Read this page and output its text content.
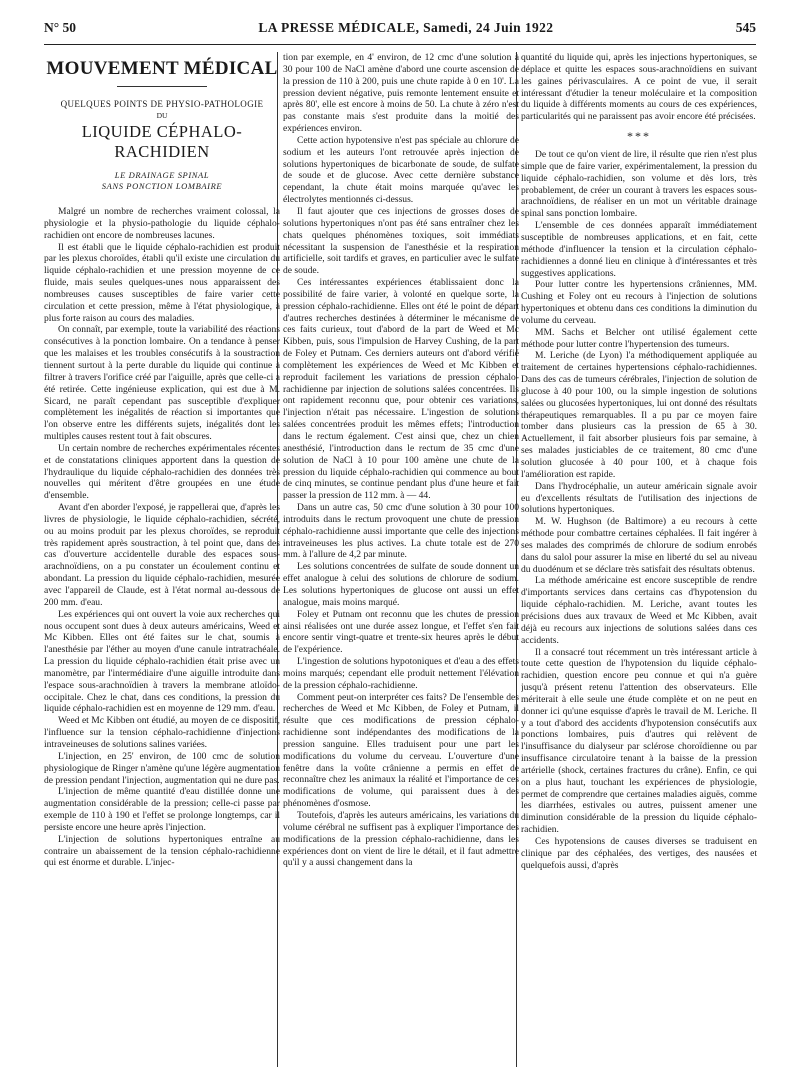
N° 50	LA PRESSE MÉDICALE, Samedi, 24 Juin 1922	545
MOUVEMENT MÉDICAL
QUELQUES POINTS DE PHYSIO-PATHOLOGIE
DU
LIQUIDE CÉPHALO-RACHIDIEN
LE DRAINAGE SPINAL
SANS PONCTION LOMBAIRE

Malgré un nombre de recherches vraiment colossal, la physiologie et la physio-pathologie du liquide céphalo-rachidien ont encore de nombreuses lacunes.

Il est établi que le liquide céphalo-rachidien est produit par les plexus choroïdes, établi qu'il existe une circulation du liquide céphalo-rachidien et une pression moyenne de ce fluide, mais seules quelques-unes nous apparaissent des nombreuses causes susceptibles de faire varier cette circulation et cette pression, même à l'état physiologique, à plus forte raison au cours des maladies.

On connaît, par exemple, toute la variabilité des réactions consécutives à la ponction lombaire. On a tendance à penser que les malaises et les troubles consécutifs à la soustraction tiennent surtout à la perte durable du liquide qui continue à filtrer à travers l'orifice créé par l'aiguille, après que celle-ci a été retirée. Cette ingénieuse explication, qui est due à M. Sicard, ne paraît cependant pas susceptible d'expliquer complètement les inégalités de réaction si importantes que l'on observe entre les différents sujets, inégalités dont les multiples causes restent tout à fait obscures.

Un certain nombre de recherches expérimentales récentes et de constatations cliniques apportent dans la question de l'hydraulique du liquide céphalo-rachidien des données très nouvelles qui méritent d'être groupées en une étude d'ensemble.

Avant d'en aborder l'exposé, je rappellerai que, d'après les livres de physiologie, le liquide céphalo-rachidien, sécrété, ou au moins produit par les plexus choroïdes, se reproduit très rapidement après soustraction, à tel point que, dans des cas d'ouverture accidentelle durable des espaces sous-arachnoïdiens, on a pu constater un écoulement continu et abondant. La pression du liquide céphalo-rachidien, mesurée avec l'appareil de Claude, est à l'état normal au-dessous de 200 mm. d'eau.

Les expériences qui ont ouvert la voie aux recherches qui nous occupent sont dues à deux auteurs américains, Weed et Mc Kibben. Elles ont été faites sur le chat, soumis à l'anesthésie par l'éther au moyen d'une canule intratrachéale. La pression du liquide céphalo-rachidien était prise avec un manomètre, par l'intermédiaire d'une aiguille introduite dans l'espace sous-arachnoïdien à travers la membrane atloïdo-occipitale. Chez le chat, dans ces conditions, la pression du liquide céphalo-rachidien est en moyenne de 129 mm. d'eau.

Weed et Mc Kibben ont étudié, au moyen de ce dispositif, l'influence sur la tension céphalo-rachidienne d'injections intraveineuses de solutions salines variées.

L'injection, en 25' environ, de 100 cmc de solution physiologique de Ringer n'amène qu'une légère augmentation de pression pendant l'injection, augmentation qui ne dure pas.

L'injection de même quantité d'eau distillée donne une augmentation considérable de la pression; celle-ci passe par exemple de 110 à 190 et l'effet se prolonge longtemps, car il persiste encore une heure après l'injection.

L'injection de solutions hypertoniques entraîne au contraire un abaissement de la tension céphalo-rachidienne qui est énorme et durable. L'injec-

tion par exemple, en 4' environ, de 12 cmc d'une solution à 30 pour 100 de NaCl amène d'abord une courte ascension de la pression de 110 à 200, puis une chute rapide à 0 en 10'. La pression devient négative, puis remonte lentement ensuite et après 80', elle est encore à moins de 50. La chute à zéro n'est pas constante mais s'est produite dans la moitié des expériences environ.

Cette action hypotensive n'est pas spéciale au chlorure de sodium et les auteurs l'ont retrouvée après injection de solutions hypertoniques de bicarbonate de soude, de sulfate de soude et de glucose. Avec cette dernière substance cependant, la chute était moins marquée qu'avec les électrolytes mentionnés ci-dessus.

Il faut ajouter que ces injections de grosses doses de solutions hypertoniques n'ont pas été sans entraîner chez les chats quelques phénomènes toxiques, soit immédiats nécessitant la suspension de l'anesthésie et la respiration artificielle, soit tardifs et graves, en particulier avec le sulfate de soude.

Ces intéressantes expériences établissaient donc la possibilité de faire varier, à volonté en quelque sorte, la pression céphalo-rachidienne. Elles ont été le point de départ d'autres recherches destinées à déterminer le mécanisme de ces faits curieux, tout d'abord de la part de Weed et Mc Kibben, puis, sous l'impulsion de Harvey Cushing, de la part de Foley et Putnam. Ces derniers auteurs ont d'abord vérifié complètement les expériences de Weed et Mc Kibben et reproduit facilement les variations de pression céphalo-rachidienne par injection de solutions salées concentrées. Ils ont rapidement reconnu que, pour obtenir ces variations, l'injection n'était pas nécessaire. L'ingestion de solutions salées concentrées produit les mêmes effets; l'introduction dans le rectum également. C'est ainsi que, chez un chien anesthésié, l'introduction dans le rectum de 35 cmc d'une solution de NaCl à 10 pour 100 amène une chute de la pression du liquide céphalo-rachidien qui commence au bout de cinq minutes, se continue pendant plus d'une heure et fait passer la pression de 112 mm. à — 44.

Dans un autre cas, 50 cmc d'une solution à 30 pour 100 introduits dans le rectum provoquent une chute de pression céphalo-rachidienne aussi importante que celle des injections intraveineuses les plus actives. La chute totale est de 270 mm. à l'allure de 4,2 par minute.

Les solutions concentrées de sulfate de soude donnent un effet analogue à celui des solutions de chlorure de sodium. Les solutions hypertoniques de glucose ont aussi un effet analogue, mais moins marqué.

Foley et Putnam ont reconnu que les chutes de pression ainsi réalisées ont une durée assez longue, et l'effet s'en fait encore sentir vingt-quatre et trente-six heures après le début de l'expérience.

L'ingestion de solutions hypotoniques et d'eau a des effets moins marqués; cependant elle produit nettement l'élévation de la pression céphalo-rachidienne.

Comment peut-on interpréter ces faits? De l'ensemble des recherches de Weed et Mc Kibben, de Foley et Putnam, il résulte que ces modifications de pression céphalo-rachidienne sont indépendantes des modifications de la pression sanguine. Elles traduisent pour une part les modifications du volume du cerveau. L'ouverture d'une fenêtre dans la voûte crânienne a permis en effet de reconnaître chez les animaux la réalité et l'importance de ces modifications de volume, qui paraissent dues à des phénomènes d'osmose.

Toutefois, d'après les auteurs américains, les variations du volume cérébral ne suffisent pas à expliquer l'importance des modifications de la pression céphalo-rachidienne, dans les expériences dont on vient de lire le détail, et il faut admettre qu'il y a aussi changement dans la

quantité du liquide qui, après les injections hypertoniques, se déplace et quitte les espaces sous-arachnoïdiens en suivant les gaines périvasculaires. A ce point de vue, il serait intéressant d'étudier la teneur moléculaire et la composition du liquide à différents moments au cours de ces expériences, particularités qui ne paraissent pas avoir encore été précisées.

***

De tout ce qu'on vient de lire, il résulte que rien n'est plus simple que de faire varier, expérimentalement, la pression du liquide céphalo-rachidien, son volume et dès lors, très probablement, de créer un courant à travers les espaces sous-arachnoïdiens, de réaliser en un mot un véritable drainage spinal sans ponction lombaire.

L'ensemble de ces données apparaît immédiatement susceptible de nombreuses applications, et en fait, cette méthode d'influencer la tension et la circulation céphalo-rachidiennes a donné lieu en clinique à d'intéressantes et très suggestives applications.

Pour lutter contre les hypertensions crâniennes, MM. Cushing et Foley ont eu recours à l'injection de solutions hypertoniques et obtenu dans ces conditions la diminution du volume du cerveau.

MM. Sachs et Belcher ont utilisé également cette méthode pour lutter contre l'hypertension des tumeurs.

M. Leriche (de Lyon) l'a méthodiquement appliquée au traitement de certaines hypertensions céphalo-rachidiennes. Dans des cas de tumeurs cérébrales, l'injection de solution de glucose à 40 pour 100, ou la simple ingestion de solutions salées ou glucosées hypertoniques, lui ont donné des résultats thérapeutiques remarquables. Il a pu par ce moyen faire tomber dans plusieurs cas la pression de 65 à 30. Actuellement, il fait absorber plusieurs fois par semaine, à ses malades justiciables de ce traitement, 80 cmc d'une solution glucosée à 40 pour 100, et à chaque fois l'amélioration est rapide.

Dans l'hydrocéphalie, un auteur américain signale avoir eu d'excellents résultats de l'utilisation des injections de solutions hypertoniques.

M. W. Hughson (de Baltimore) a eu recours à cette méthode pour combattre certaines céphalées. Il fait ingérer à ses malades des comprimés de chlorure de sodium enrobés dans du salol pour assurer la mise en liberté du sel au niveau du duodénum et se déclare très satisfait des résultats obtenus.

La méthode américaine est encore susceptible de rendre d'importants services dans certains cas d'hypotension du liquide céphalo-rachidien. M. Leriche, avant toutes les précisions dues aux travaux de Weed et Mc Kibben, avait déjà eu recours aux injections de solutions salées dans ces accidents.

Il a consacré tout récemment un très intéressant article à toute cette question de l'hypotension du liquide céphalo-rachidien, question encore peu connue et qui n'a guère jusqu'à présent retenu l'attention des observateurs. Elle mériterait à elle seule une étude complète et on ne peut en donner ici qu'une esquisse d'après le travail de M. Leriche. Il y a tout d'abord des accidents d'hypotension consécutifs aux ponctions lombaires, puis d'autres qui relèvent de l'insuffisance du dialyseur par sclérose choroïdienne ou par insuffisance circulatoire tenant à la baisse de la pression artérielle (shock, certaines fractures du crâne). Enfin, ce qui on a plus haut, touchant les expériences de physiologie, permet de comprendre que certaines maladies aiguës, comme les diarrhées, estivales ou autres, puissent amener une diminution considérable de la pression du liquide céphalo-rachidien.

Ces hypotensions de causes diverses se traduisent en clinique par des céphalées, des vertiges, des nausées et quelquefois aussi, d'après
